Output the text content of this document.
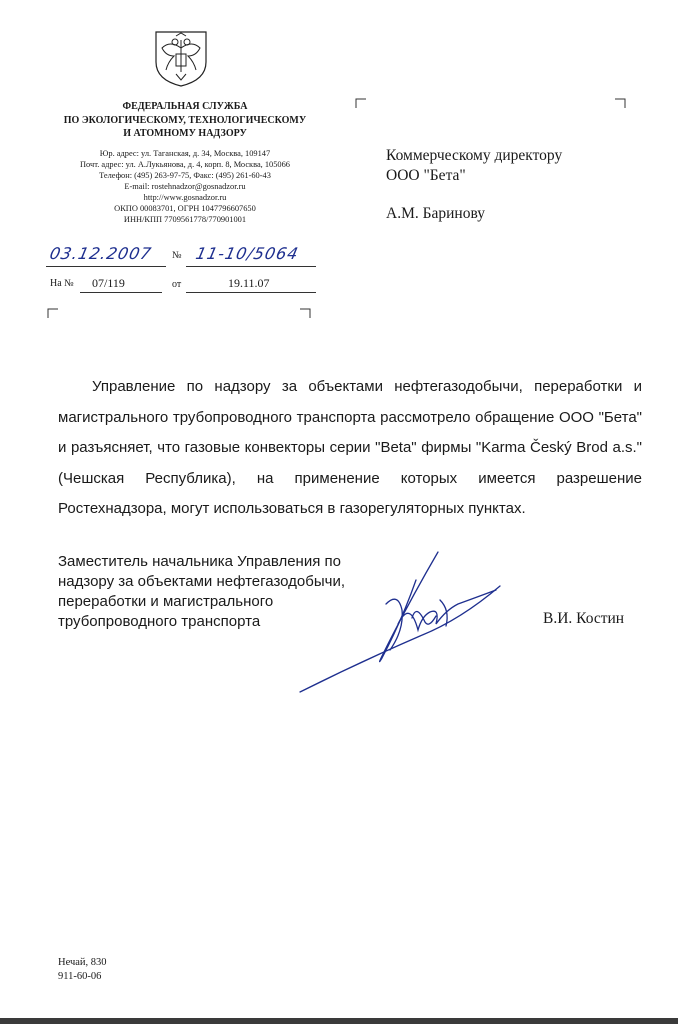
ФЕДЕРАЛЬНАЯ СЛУЖБА
ПО ЭКОЛОГИЧЕСКОМУ, ТЕХНОЛОГИЧЕСКОМУ
И АТОМНОМУ НАДЗОРУ
Юр. адрес: ул. Таганская, д. 34, Москва, 109147
Почт. адрес: ул. А.Лукьянова, д. 4, корп. 8, Москва, 105066
Телефон: (495) 263-97-75, Факс: (495) 261-60-43
E-mail: rostehnadzor@gosnadzor.ru
http://www.gosnadzor.ru
ОКПО 00083701, ОГРН 1047796607650
ИНН/КПП 7709561778/770901001
03.12.2007 № 11-10/5064
На № 07/119	от	19.11.07
Коммерческому директору
ООО "Бета"
А.М. Баринову
Управление по надзору за объектами нефтегазодобычи, переработки и магистрального трубопроводного транспорта рассмотрело обращение ООО "Бета" и разъясняет, что газовые конвекторы серии "Beta" фирмы "Karma Český Brod a.s." (Чешская Республика), на применение которых имеется разрешение Ростехнадзора, могут использоваться в газорегуляторных пунктах.
Заместитель начальника Управления по
надзору за объектами нефтегазодобычи,
переработки и магистрального
трубопроводного транспорта	В.И. Костин
Нечай, 830
911-60-06
